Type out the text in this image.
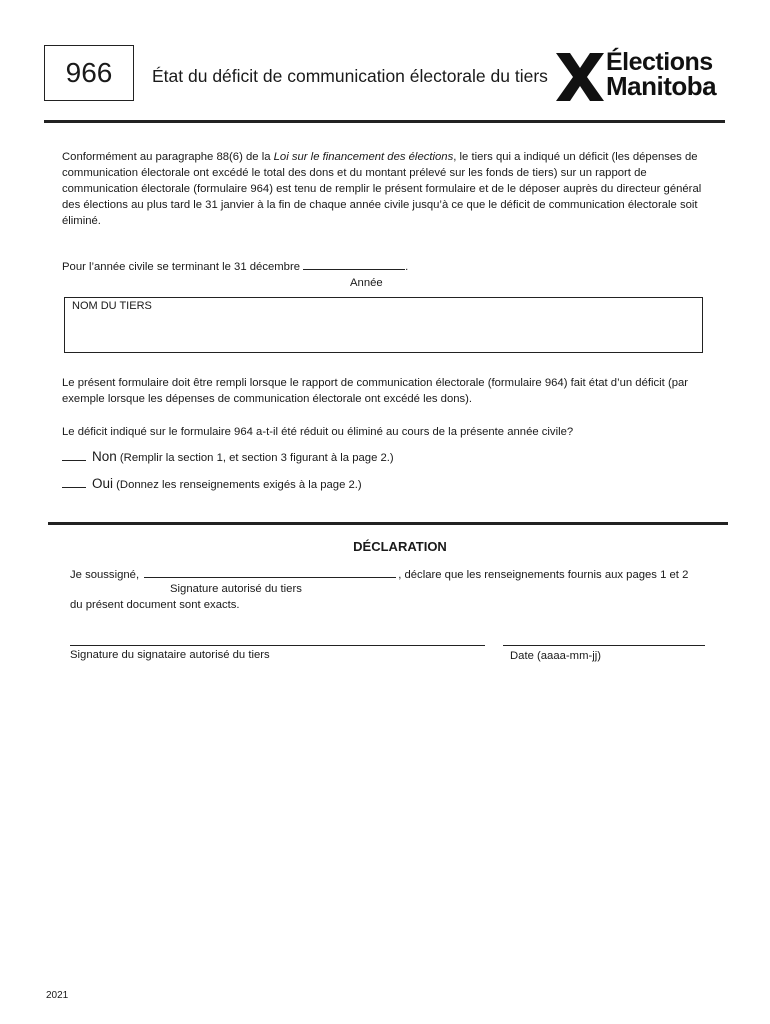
966 État du déficit de communication électorale du tiers Élections
Manitoba
Conformément au paragraphe 88(6) de la Loi sur le financement des élections, le tiers qui a indiqué un déficit (les dépenses de communication électorale ont excédé le total des dons et du montant prélevé sur les fonds de tiers) sur un rapport de communication électorale (formulaire 964) est tenu de remplir le présent formulaire et de le déposer auprès du directeur général des élections au plus tard le 31 janvier à la fin de chaque année civile jusqu’à ce que le déficit de communication électorale soit éliminé.
Pour l’année civile se terminant le 31 décembre	.
Année
NOM DU TIERS
Le présent formulaire doit être rempli lorsque le rapport de communication électorale (formulaire 964) fait état d’un déficit (par exemple lorsque les dépenses de communication électorale ont excédé les dons).
Le déficit indiqué sur le formulaire 964 a-t-il été réduit ou éliminé au cours de la présente année civile?
Non (Remplir la section 1, et section 3 figurant à la page 2.)
Oui (Donnez les renseignements exigés à la page 2.)
DÉCLARATION
Je soussigné,	, déclare que les renseignements fournis aux pages 1 et 2
Signature autorisé du tiers
du présent document sont exacts.
Signature du signataire autorisé du tiers	Date (aaaa-mm-jj)
2021
